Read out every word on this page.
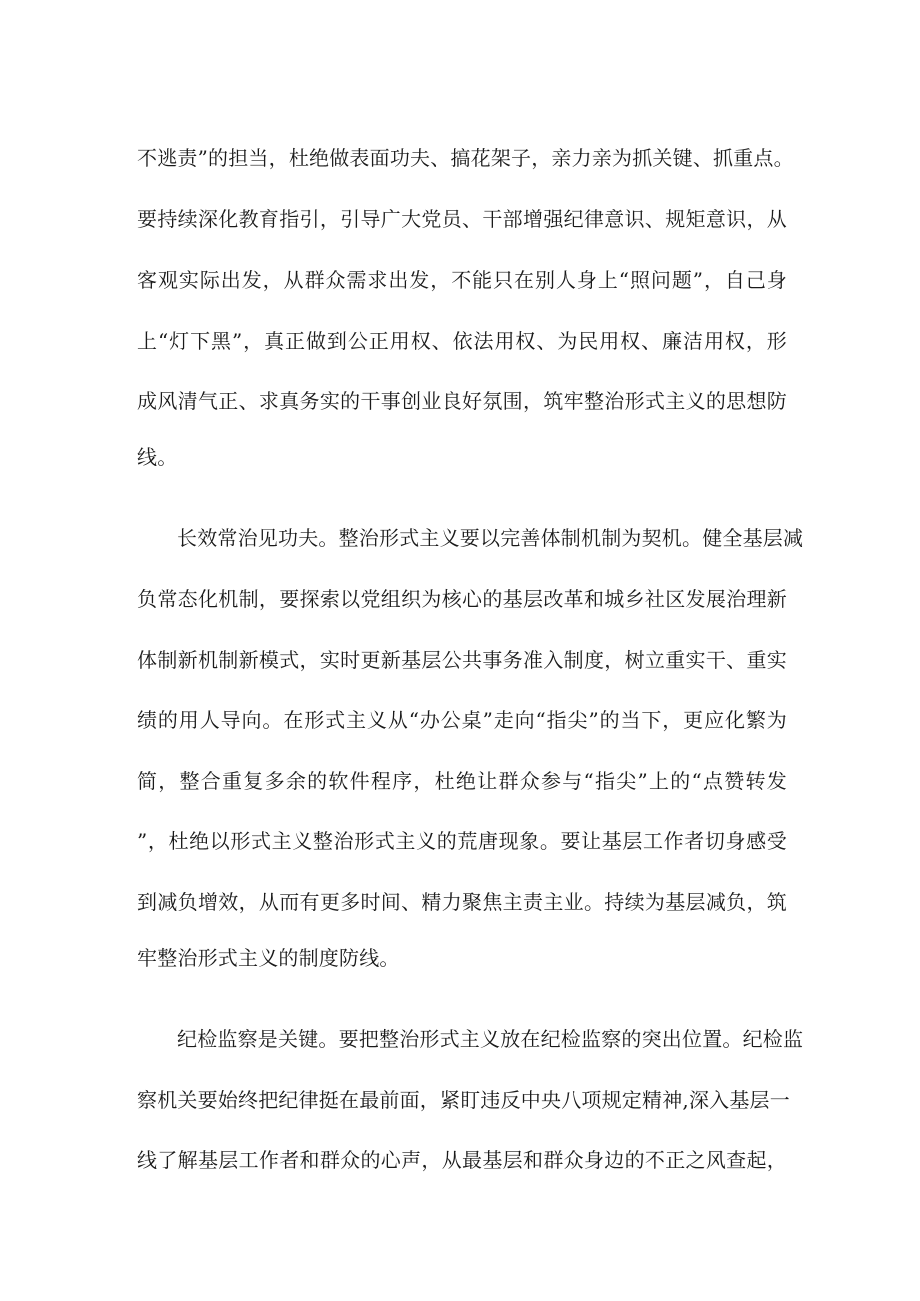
不逃责”的担当，杜绝做表面功夫、搞花架子，亲力亲为抓关键、抓重点。
要持续深化教育指引，引导广大党员、干部增强纪律意识、规矩意识，从
客观实际出发，从群众需求出发，不能只在别人身上“照问题”，自己身
上“灯下黑”，真正做到公正用权、依法用权、为民用权、廉洁用权，形
成风清气正、求真务实的干事创业良好氛围，筑牢整治形式主义的思想防
线。
长效常治见功夫。整治形式主义要以完善体制机制为契机。健全基层减
负常态化机制，要探索以党组织为核心的基层改革和城乡社区发展治理新
体制新机制新模式，实时更新基层公共事务准入制度，树立重实干、重实
绩的用人导向。在形式主义从“办公桌”走向“指尖”的当下，更应化繁为
简，整合重复多余的软件程序，杜绝让群众参与“指尖”上的“点赞转发
”，杜绝以形式主义整治形式主义的荒唐现象。要让基层工作者切身感受
到减负增效，从而有更多时间、精力聚焦主责主业。持续为基层减负，筑
牢整治形式主义的制度防线。
纪检监察是关键。要把整治形式主义放在纪检监察的突出位置。纪检监
察机关要始终把纪律挺在最前面，紧盯违反中央八项规定精神,深入基层一
线了解基层工作者和群众的心声，从最基层和群众身边的不正之风查起，
